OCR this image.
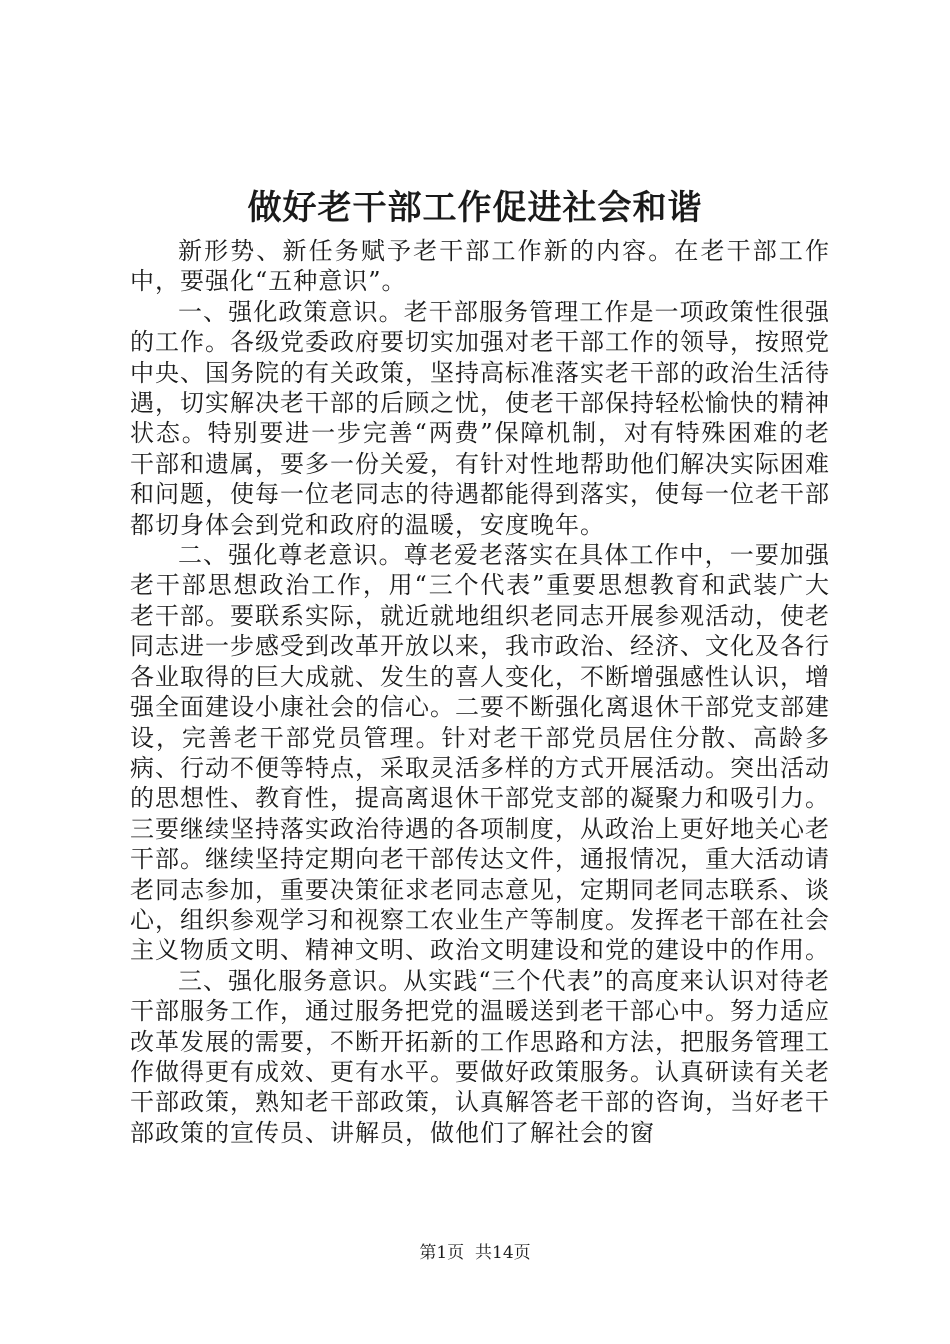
做好老干部工作促进社会和谐

新形势、新任务赋予老干部工作新的内容。在老干部工作中，要强化“五种意识”。

一、强化政策意识。老干部服务管理工作是一项政策性很强的工作。各级党委政府要切实加强对老干部工作的领导，按照党中央、国务院的有关政策，坚持高标准落实老干部的政治生活待遇，切实解决老干部的后顾之忧，使老干部保持轻松愉快的精神状态。特别要进一步完善“两费”保障机制，对有特殊困难的老干部和遗属，要多一份关爱，有针对性地帮助他们解决实际困难和问题，使每一位老同志的待遇都能得到落实，使每一位老干部都切身体会到党和政府的温暖，安度晚年。

二、强化尊老意识。尊老爱老落实在具体工作中，一要加强老干部思想政治工作，用“三个代表”重要思想教育和武装广大老干部。要联系实际，就近就地组织老同志开展参观活动，使老同志进一步感受到改革开放以来，我市政治、经济、文化及各行各业取得的巨大成就、发生的喜人变化，不断增强感性认识，增强全面建设小康社会的信心。二要不断强化离退休干部党支部建设，完善老干部党员管理。针对老干部党员居住分散、高龄多病、行动不便等特点，采取灵活多样的方式开展活动。突出活动的思想性、教育性，提高离退休干部党支部的凝聚力和吸引力。三要继续坚持落实政治待遇的各项制度，从政治上更好地关心老干部。继续坚持定期向老干部传达文件，通报情况，重大活动请老同志参加，重要决策征求老同志意见，定期同老同志联系、谈心，组织参观学习和视察工农业生产等制度。发挥老干部在社会主义物质文明、精神文明、政治文明建设和党的建设中的作用。

三、强化服务意识。从实践“三个代表”的高度来认识对待老干部服务工作，通过服务把党的温暖送到老干部心中。努力适应改革发展的需要，不断开拓新的工作思路和方法，把服务管理工作做得更有成效、更有水平。要做好政策服务。认真研读有关老干部政策，熟知老干部政策，认真解答老干部的咨询，当好老干部政策的宣传员、讲解员，做他们了解社会的窗

第1页 共14页
